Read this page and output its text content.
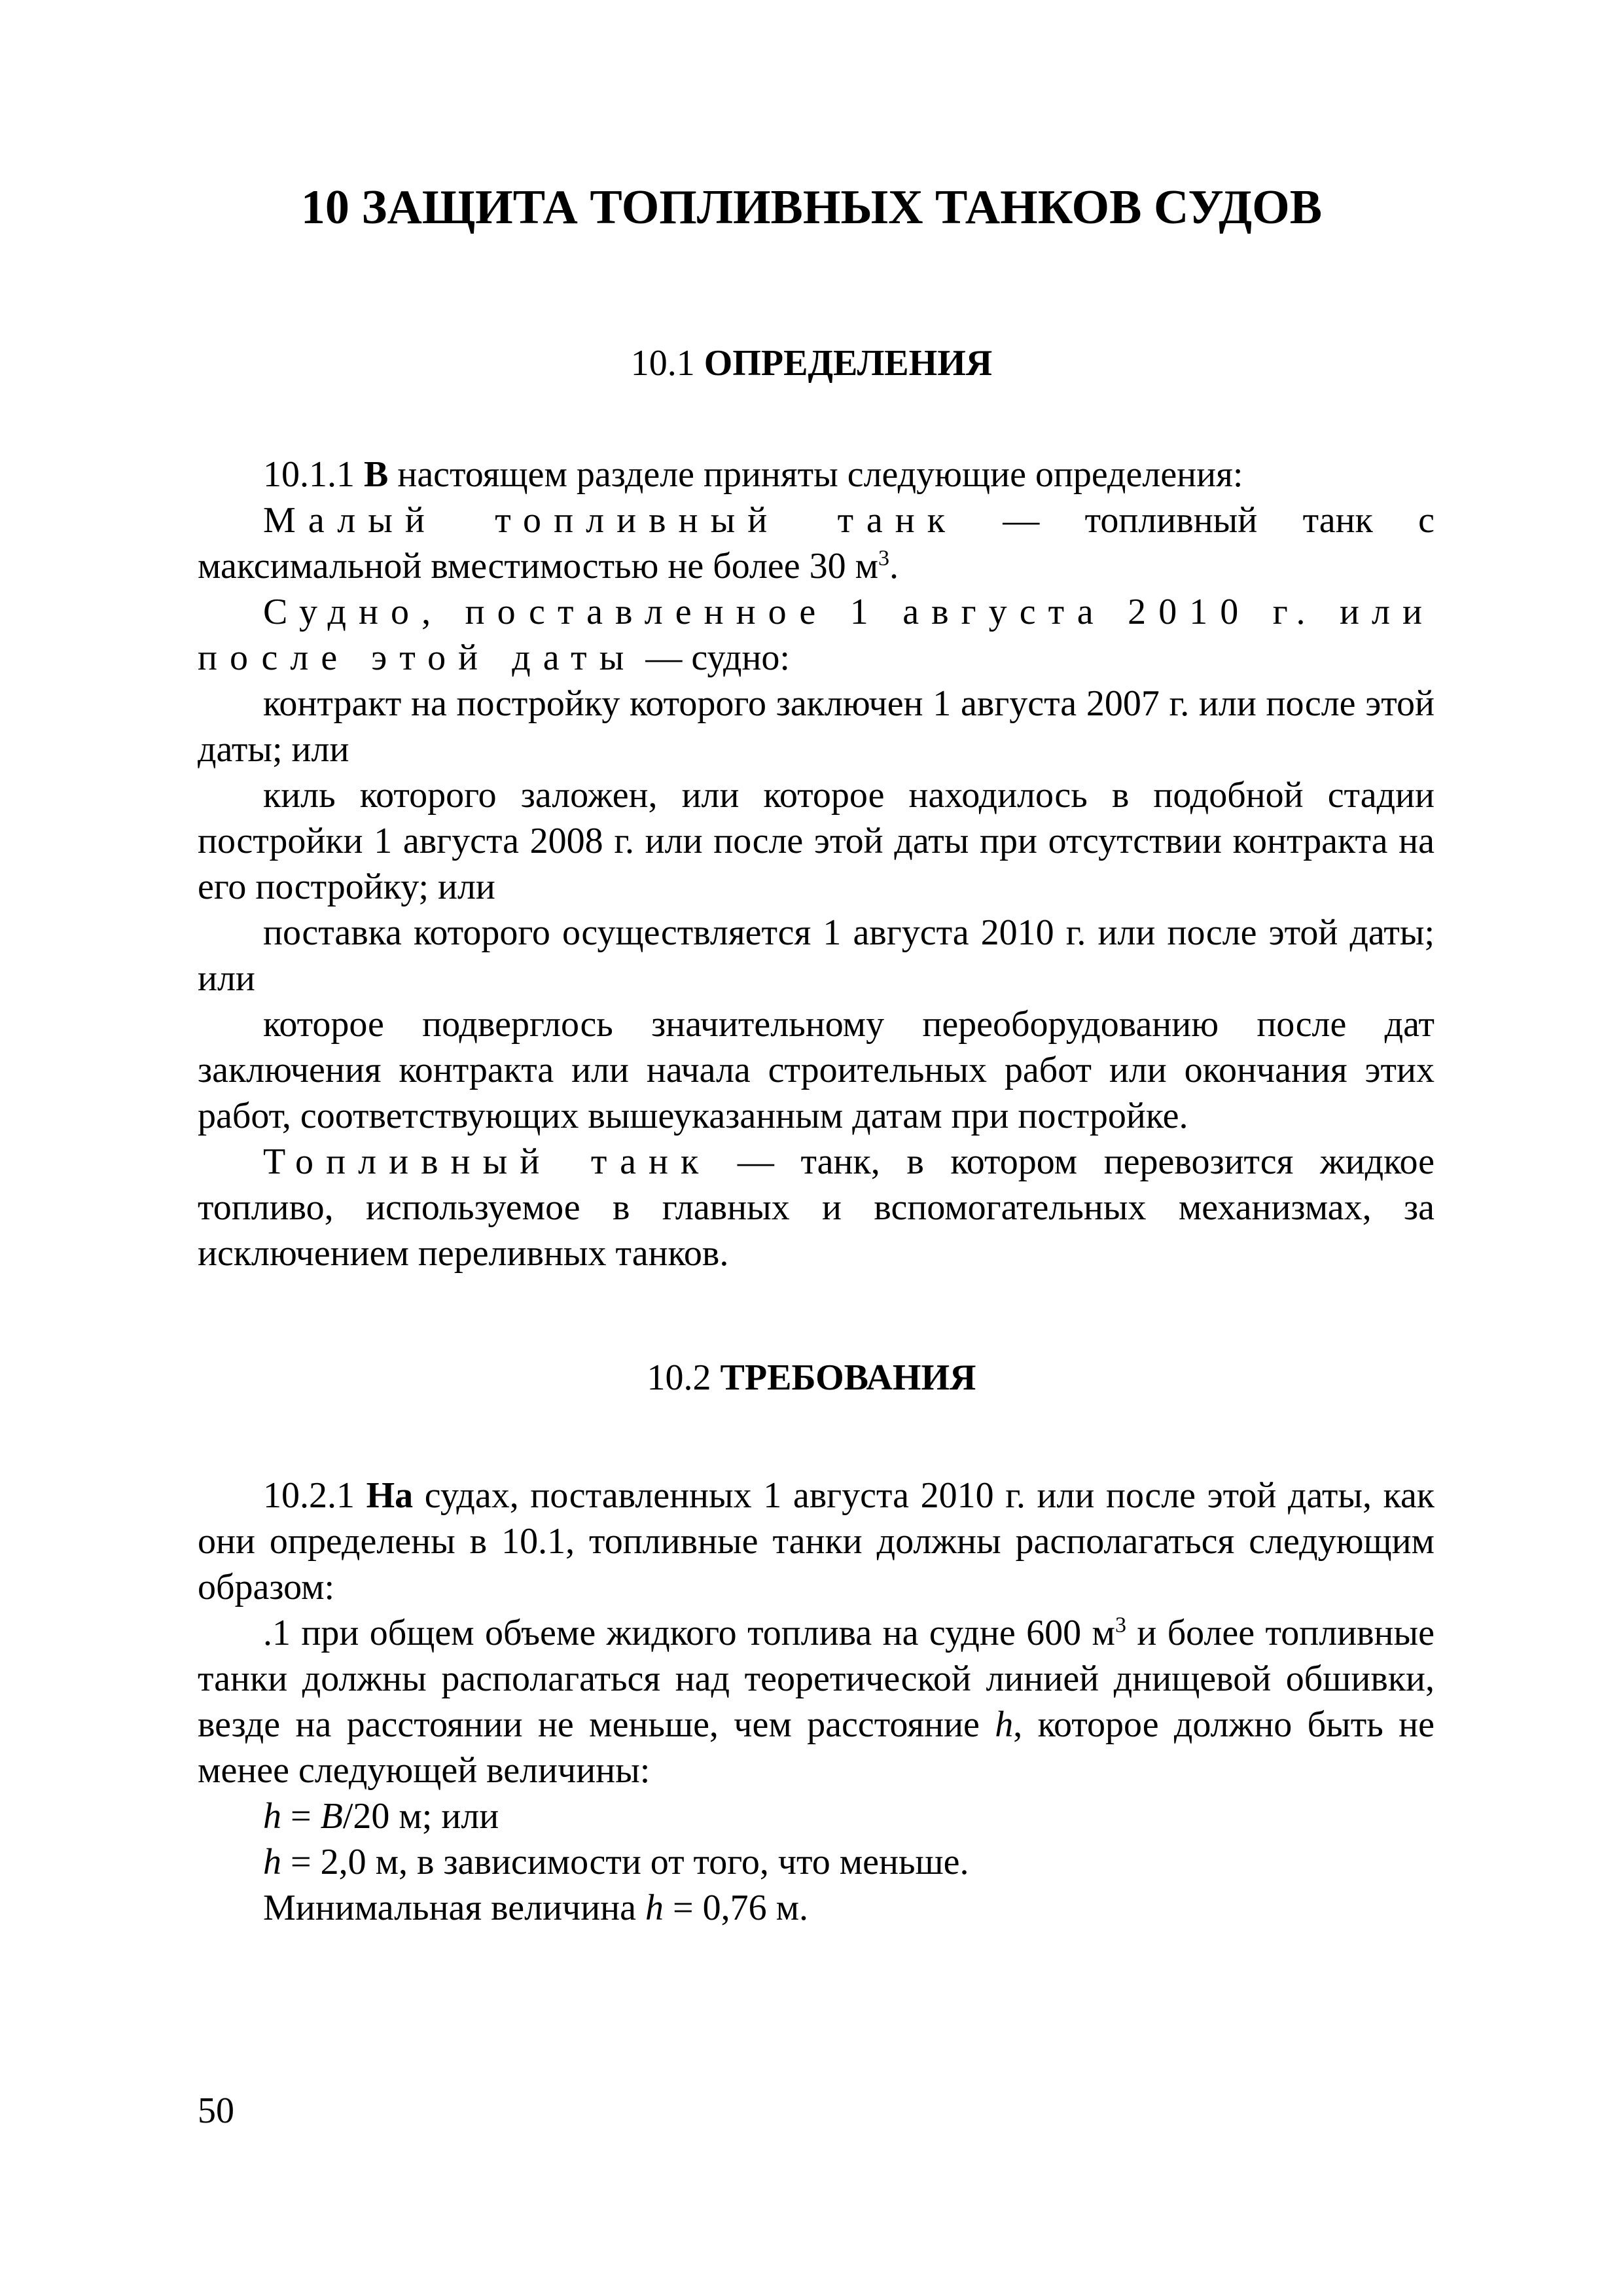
10 ЗАЩИТА ТОПЛИВНЫХ ТАНКОВ СУДОВ
10.1 ОПРЕДЕЛЕНИЯ

10.1.1 В настоящем разделе приняты следующие определения:

Малый топливный танк — топливный танк с максимальной вместимостью не более 30 $м^3$.

Судно, поставленное 1 августа 2010 г. или после этой даты — судно:

контракт на постройку которого заключен 1 августа 2007 г. или после этой даты; или

киль которого заложен, или которое находилось в подобной стадии постройки 1 августа 2008 г. или после этой даты при отсутствии контракта на его постройку; или

поставка которого осуществляется 1 августа 2010 г. или после этой даты; или

которое подверглось значительному переоборудованию после дат заключения контракта или начала строительных работ или окончания этих работ, соответствующих вышеуказанным датам при постройке.

Топливный танк — танк, в котором перевозится жидкое топливо, используемое в главных и вспомогательных механизмах, за исключением переливных танков.

10.2 ТРЕБОВАНИЯ

10.2.1 На судах, поставленных 1 августа 2010 г. или после этой даты, как они определены в 10.1, топливные танки должны располагаться следующим образом:

.1 при общем объеме жидкого топлива на судне 600 $м^3$ и более топливные танки должны располагаться над теоретической линией днищевой обшивки, везде на расстоянии не меньше, чем расстояние h, которое должно быть не менее следующей величины:

h = B/20 м; или

h = 2,0 м, в зависимости от того, что меньше.

Минимальная величина h = 0,76 м.

50
